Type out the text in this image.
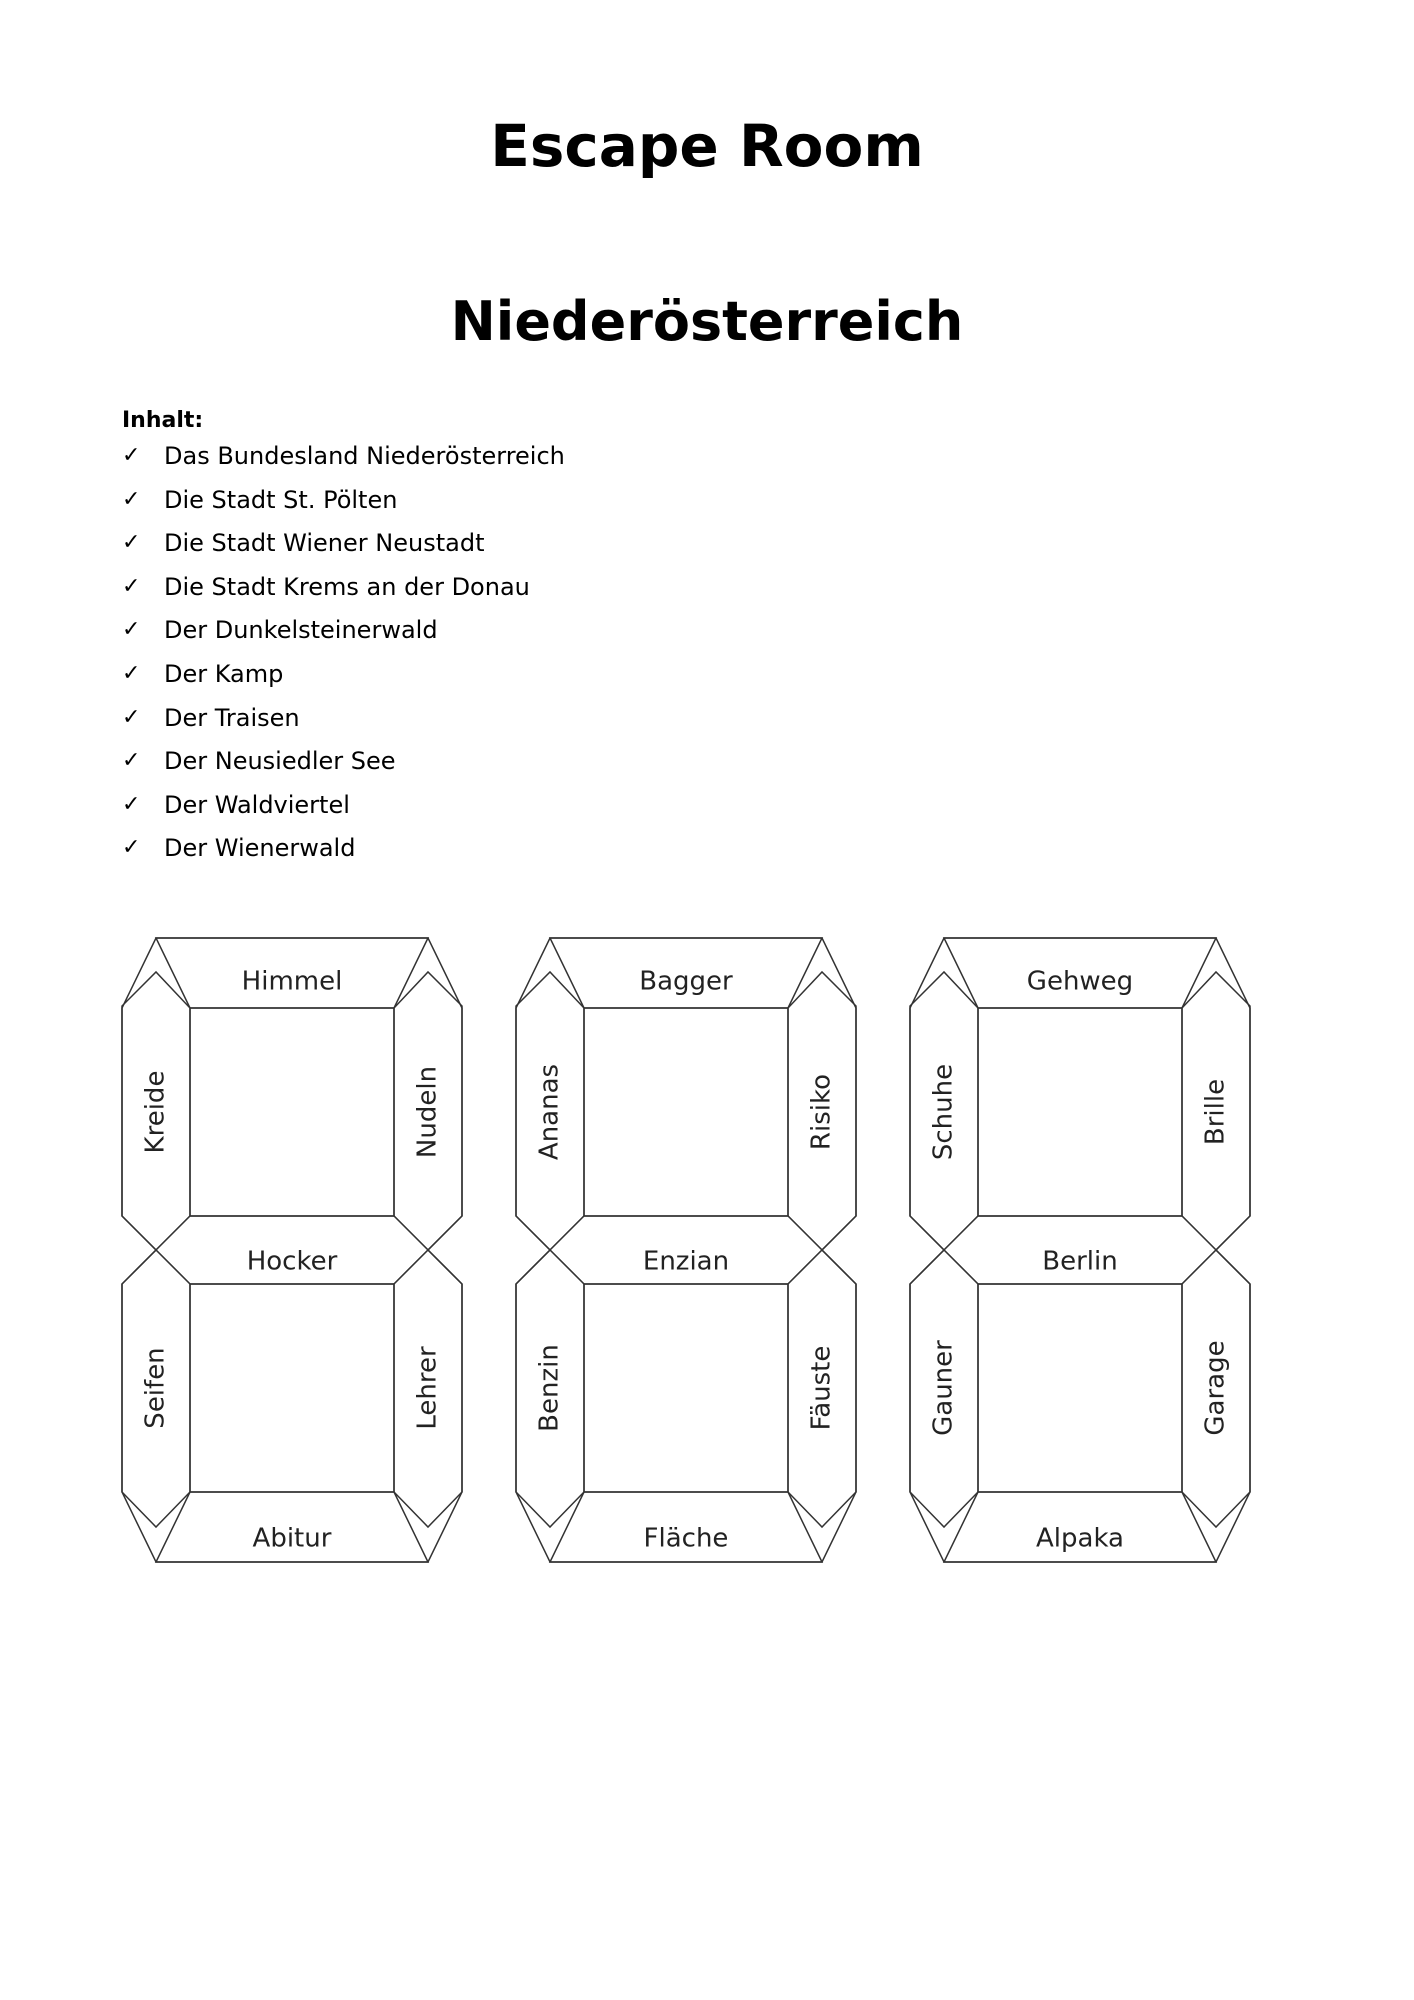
Escape Room
Niederösterreich

Inhalt:

✓ Das Bundesland Niederösterreich
✓ Die Stadt St. Pölten
✓ Die Stadt Wiener Neustadt
✓ Die Stadt Krems an der Donau
✓ Der Dunkelsteinerwald
✓ Der Kamp
✓ Der Traisen
✓ Der Neusiedler See
✓ Der Waldviertel
✓ Der Wienerwald
Himmel
Hocker
Abitur
Kreide	Nudeln
Seifen	Lehrer
Bagger
Enzian
Fläche
Ananas	Risiko
Benzin	Fäuste
Gehweg
Berlin
Alpaka
Schuhe	Brille
Gauner	Garage
